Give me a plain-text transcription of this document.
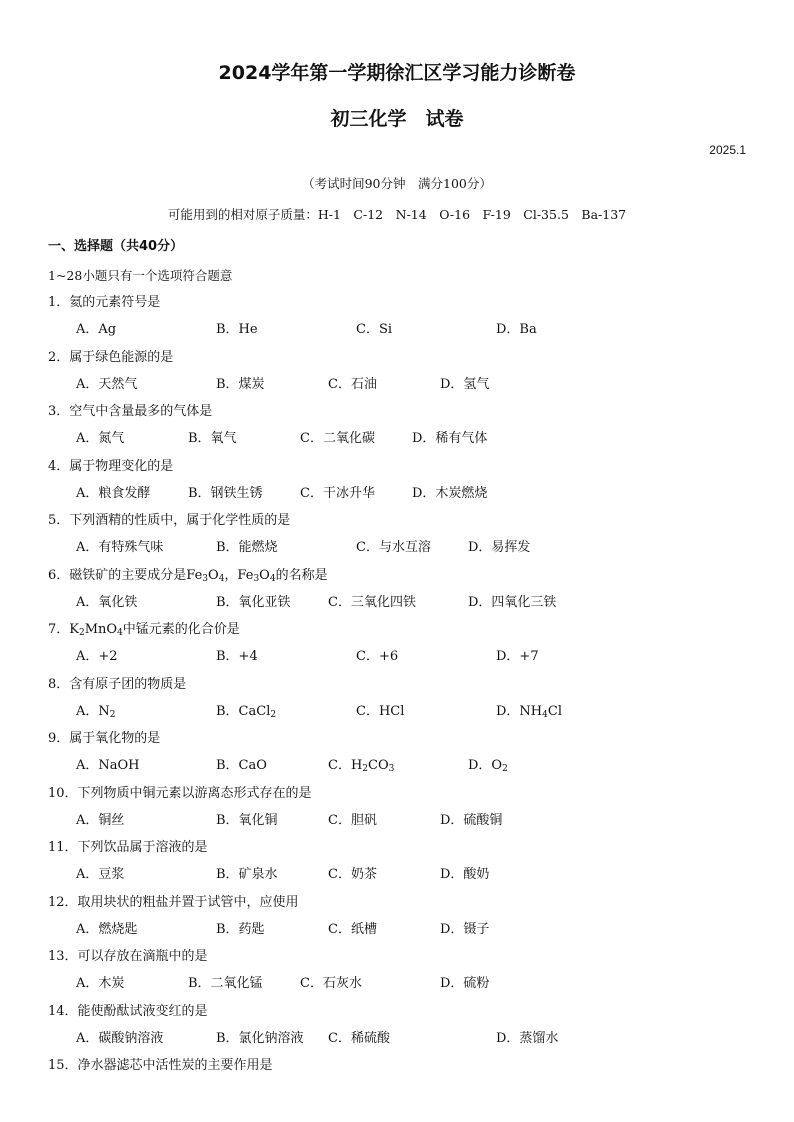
2024学年第一学期徐汇区学习能力诊断卷
初三化学　试卷
2025.1
（考试时间90分钟　满分100分）
可能用到的相对原子质量：H-1　C-12　N-14　O-16　F-19　Cl-35.5　Ba-137
一、选择题（共40分）
1~28小题只有一个选项符合题意
1．氦的元素符号是
A．Ag	B．He	C．Si	D．Ba
2．属于绿色能源的是
A．天然气	B．煤炭	C．石油	D．氢气
3．空气中含量最多的气体是
A．氮气	B．氧气	C．二氧化碳	D．稀有气体
4．属于物理变化的是
A．粮食发酵	B．钢铁生锈	C．干冰升华	D．木炭燃烧
5．下列酒精的性质中，属于化学性质的是
A．有特殊气味	B．能燃烧	C．与水互溶	D．易挥发
6．磁铁矿的主要成分是$Fe_3O_4$，$Fe_3O_4$的名称是
A．氧化铁	B．氧化亚铁	C．三氧化四铁	D．四氧化三铁
7．$K_2MnO_4$中锰元素的化合价是
A．+2	B．+4	C．+6	D．+7
8．含有原子团的物质是
A．$N_2$	B．CaCl$_2$	C．HCl	D．$NH_4Cl$
9．属于氧化物的是
A．NaOH	B．CaO	C．$H_2CO_3$	D．$O_2$
10．下列物质中铜元素以游离态形式存在的是
A．铜丝	B．氧化铜	C．胆矾	D．硫酸铜
11．下列饮品属于溶液的是
A．豆浆	B．矿泉水	C．奶茶	D．酸奶
12．取用块状的粗盐并置于试管中，应使用
A．燃烧匙	B．药匙	C．纸槽	D．镊子
13．可以存放在滴瓶中的是
A．木炭	B．二氧化锰	C．石灰水	D．硫粉
14．能使酚酞试液变红的是
A．碳酸钠溶液	B．氯化钠溶液 C．稀硫酸	D．蒸馏水
15．净水器滤芯中活性炭的主要作用是
